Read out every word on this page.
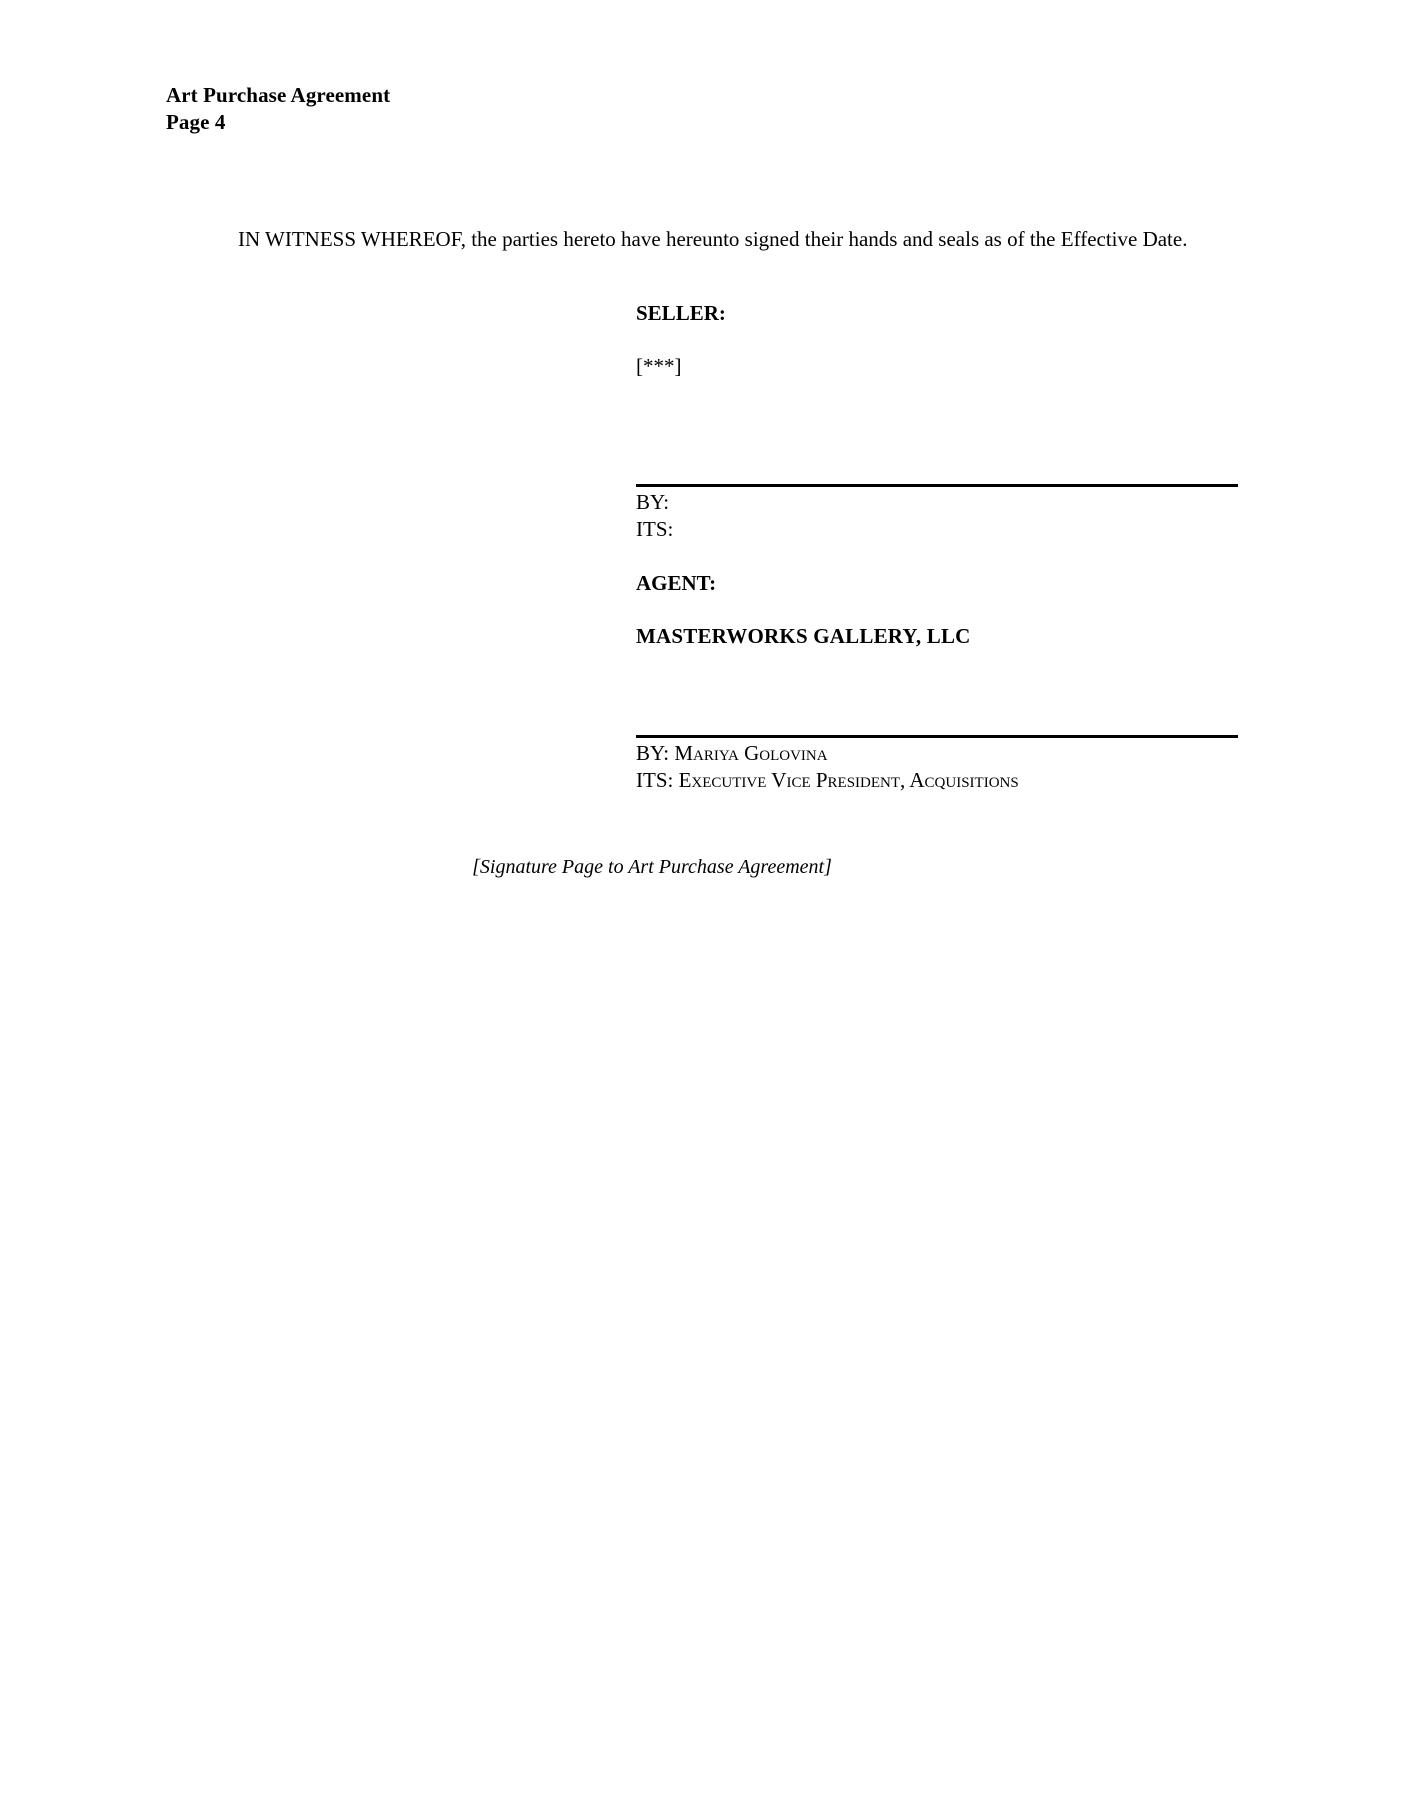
Art Purchase Agreement
Page 4

IN WITNESS WHEREOF, the parties hereto have hereunto signed their hands and seals as of the Effective Date.

SELLER:
[***]
BY:
ITS:
AGENT:
MASTERWORKS GALLERY, LLC
BY: Mariya Golovina
ITS: Executive Vice President, Acquisitions
[Signature Page to Art Purchase Agreement]
